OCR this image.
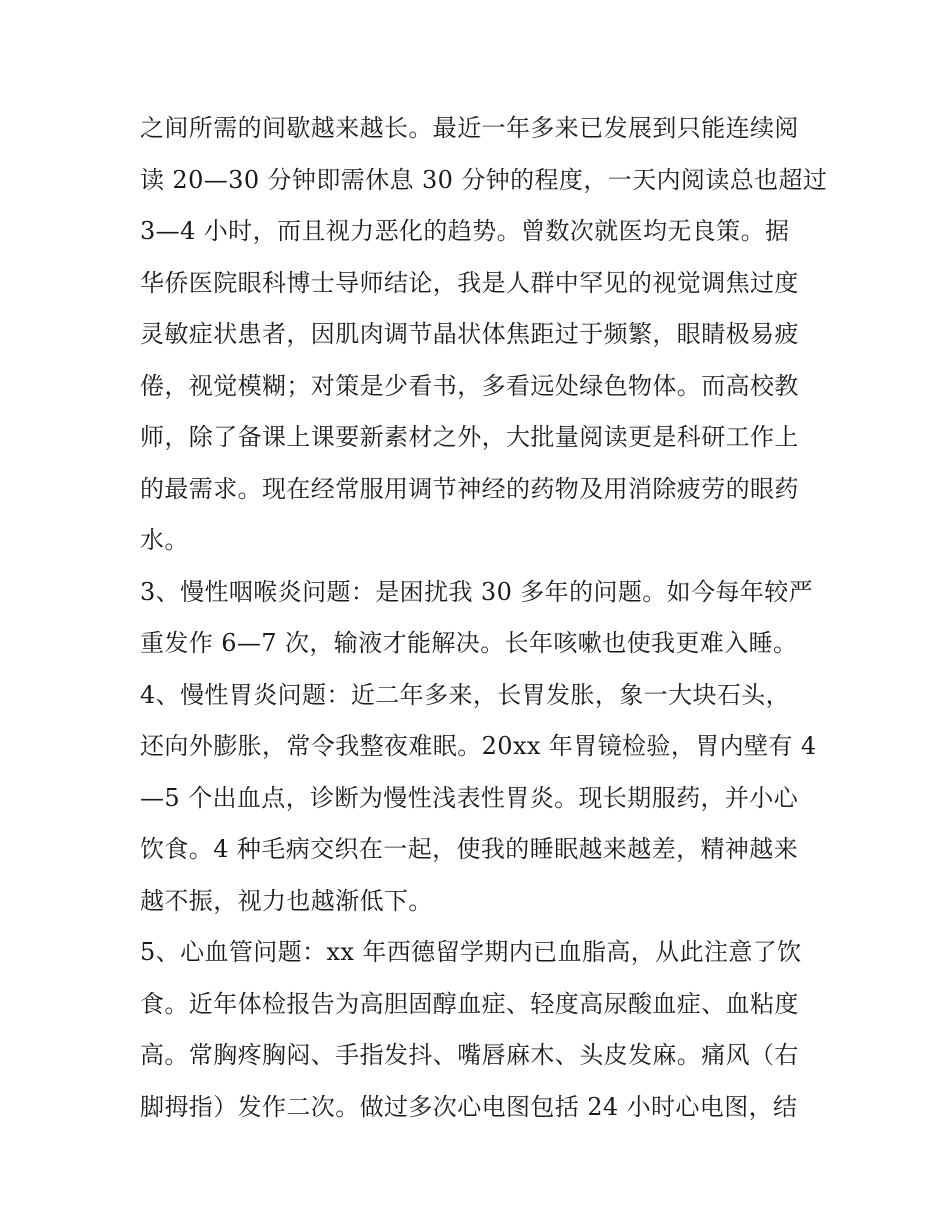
之间所需的间歇越来越长。最近一年多来已发展到只能连续阅
读 20—30 分钟即需休息 30 分钟的程度，一天内阅读总也超过
3—4 小时，而且视力恶化的趋势。曾数次就医均无良策。据
华侨医院眼科博士导师结论，我是人群中罕见的视觉调焦过度
灵敏症状患者，因肌肉调节晶状体焦距过于频繁，眼睛极易疲
倦，视觉模糊；对策是少看书，多看远处绿色物体。而高校教
师，除了备课上课要新素材之外，大批量阅读更是科研工作上
的最需求。现在经常服用调节神经的药物及用消除疲劳的眼药
水。
3、慢性咽喉炎问题：是困扰我 30 多年的问题。如今每年较严
重发作 6—7 次，输液才能解决。长年咳嗽也使我更难入睡。
4、慢性胃炎问题：近二年多来，长胃发胀，象一大块石头，
还向外膨胀，常令我整夜难眠。20xx 年胃镜检验，胃内壁有 4
—5 个出血点，诊断为慢性浅表性胃炎。现长期服药，并小心
饮食。4 种毛病交织在一起，使我的睡眠越来越差，精神越来
越不振，视力也越渐低下。
5、心血管问题：xx 年西德留学期内已血脂高，从此注意了饮
食。近年体检报告为高胆固醇血症、轻度高尿酸血症、血粘度
高。常胸疼胸闷、手指发抖、嘴唇麻木、头皮发麻。痛风（右
脚拇指）发作二次。做过多次心电图包括 24 小时心电图，结
